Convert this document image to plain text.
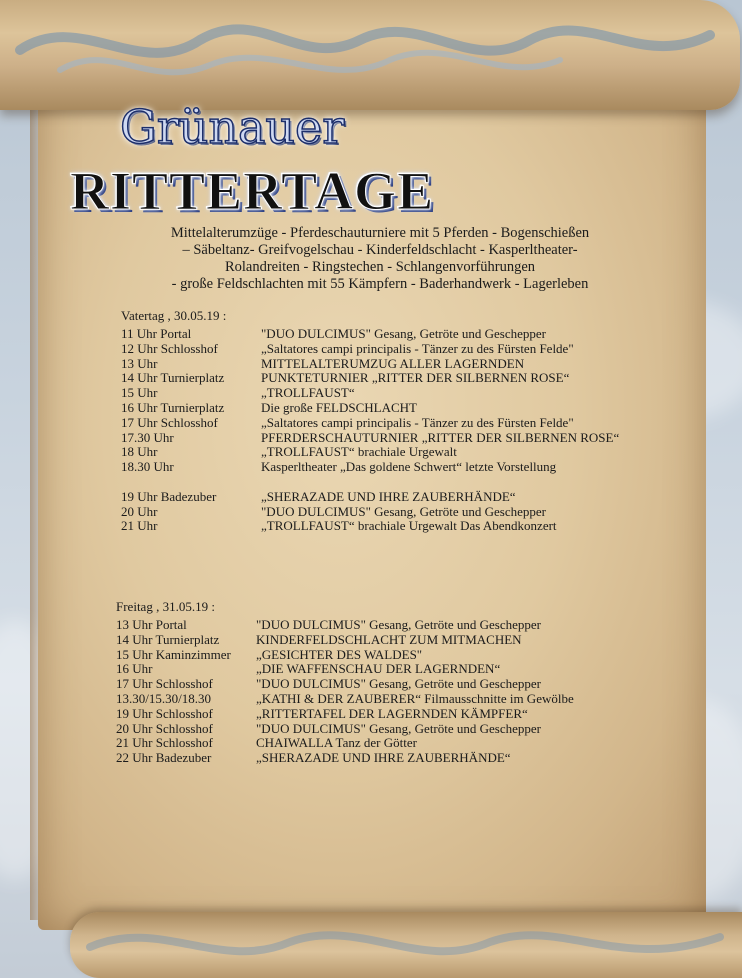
Grünauer
RITTERTAGE
Mittelalterumzüge - Pferdeschauturniere mit 5 Pferden - Bogenschießen
– Säbeltanz- Greifvogelschau - Kinderfeldschlacht - Kasperltheater-
Rolandreiten - Ringstechen - Schlangenvorführungen
- große Feldschlachten mit 55 Kämpfern - Baderhandwerk - Lagerleben
Vatertag , 30.05.19 :
11 Uhr Portal	"DUO DULCIMUS" Gesang, Getröte und Geschepper
12 Uhr Schlosshof	„Saltatores campi principalis - Tänzer zu des Fürsten Felde"
13 Uhr	MITTELALTERUMZUG ALLER LAGERNDEN
14 Uhr Turnierplatz	PUNKTETURNIER „RITTER DER SILBERNEN ROSE“
15 Uhr	„TROLLFAUST“
16 Uhr Turnierplatz	Die große FELDSCHLACHT
17 Uhr Schlosshof	„Saltatores campi principalis - Tänzer zu des Fürsten Felde"
17.30 Uhr	PFERDERSCHAUTURNIER „RITTER DER SILBERNEN ROSE“
18 Uhr	„TROLLFAUST“ brachiale Urgewalt
18.30 Uhr	Kasperltheater „Das goldene Schwert“ letzte Vorstellung
19 Uhr Badezuber	„SHERAZADE UND IHRE ZAUBERHÄNDE“
20 Uhr	"DUO DULCIMUS" Gesang, Getröte und Geschepper
21 Uhr	„TROLLFAUST“ brachiale Urgewalt Das Abendkonzert
Freitag , 31.05.19 :
13 Uhr Portal	"DUO DULCIMUS" Gesang, Getröte und Geschepper
14 Uhr Turnierplatz	KINDERFELDSCHLACHT ZUM MITMACHEN
15 Uhr Kaminzimmer	„GESICHTER DES WALDES"
16 Uhr	„DIE WAFFENSCHAU DER LAGERNDEN“
17 Uhr Schlosshof	"DUO DULCIMUS" Gesang, Getröte und Geschepper
13.30/15.30/18.30	„KATHI & DER ZAUBERER“ Filmausschnitte im Gewölbe
19 Uhr Schlosshof	„RITTERTAFEL DER LAGERNDEN KÄMPFER“
20 Uhr Schlosshof	"DUO DULCIMUS" Gesang, Getröte und Geschepper
21 Uhr Schlosshof	CHAIWALLA Tanz der Götter
22 Uhr Badezuber	„SHERAZADE UND IHRE ZAUBERHÄNDE“
